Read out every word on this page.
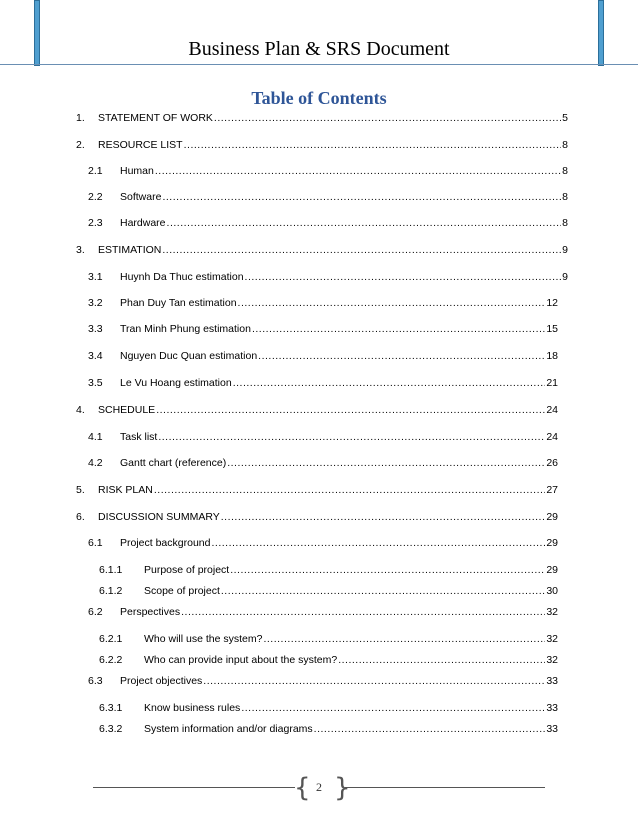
Business Plan & SRS Document
Table of Contents
1.	STATEMENT OF WORK .....	5
2.	RESOURCE LIST .....	8
2.1	Human .....	8
2.2	Software .....	8
2.3	Hardware .....	8
3.	ESTIMATION .....	9
3.1	Huynh Da Thuc estimation .....	9
3.2	Phan Duy Tan estimation .....	12
3.3	Tran Minh Phung estimation .....	15
3.4	Nguyen Duc Quan estimation .....	18
3.5	Le Vu Hoang estimation .....	21
4.	SCHEDULE .....	24
4.1	Task list .....	24
4.2	Gantt chart (reference) .....	26
5.	RISK PLAN .....	27
6.	DISCUSSION SUMMARY .....	29
6.1	Project background .....	29
6.1.1	Purpose of project .....	29
6.1.2	Scope of project .....	30
6.2	Perspectives .....	32
6.2.1	Who will use the system? .....	32
6.2.2	Who can provide input about the system? .....	32
6.3	Project objectives .....	33
6.3.1	Know business rules .....	33
6.3.2	System information and/or diagrams .....	33
{ }
2
